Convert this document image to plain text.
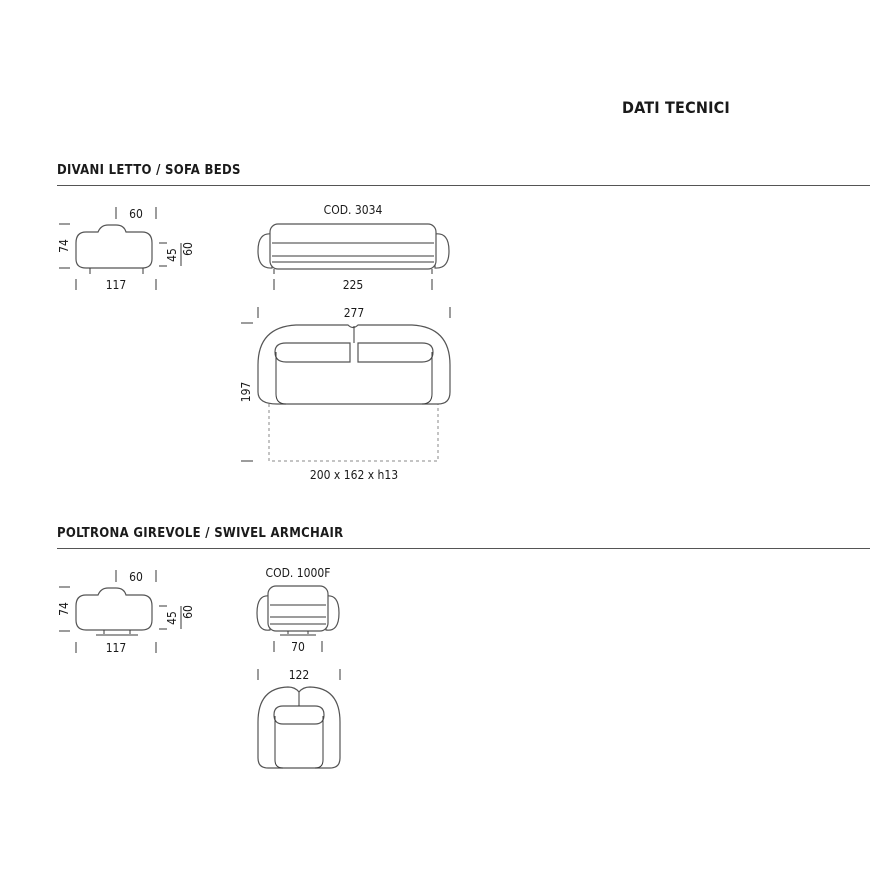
DATI TECNICI
DIVANI LETTO / SOFA BEDS
POLTRONA GIREVOLE / SWIVEL ARMCHAIR
60
74
45 60
117
COD. 3034
225
277
197
200 x 162 x h13
60
74
45 60
117
COD. 1000F
70
122
